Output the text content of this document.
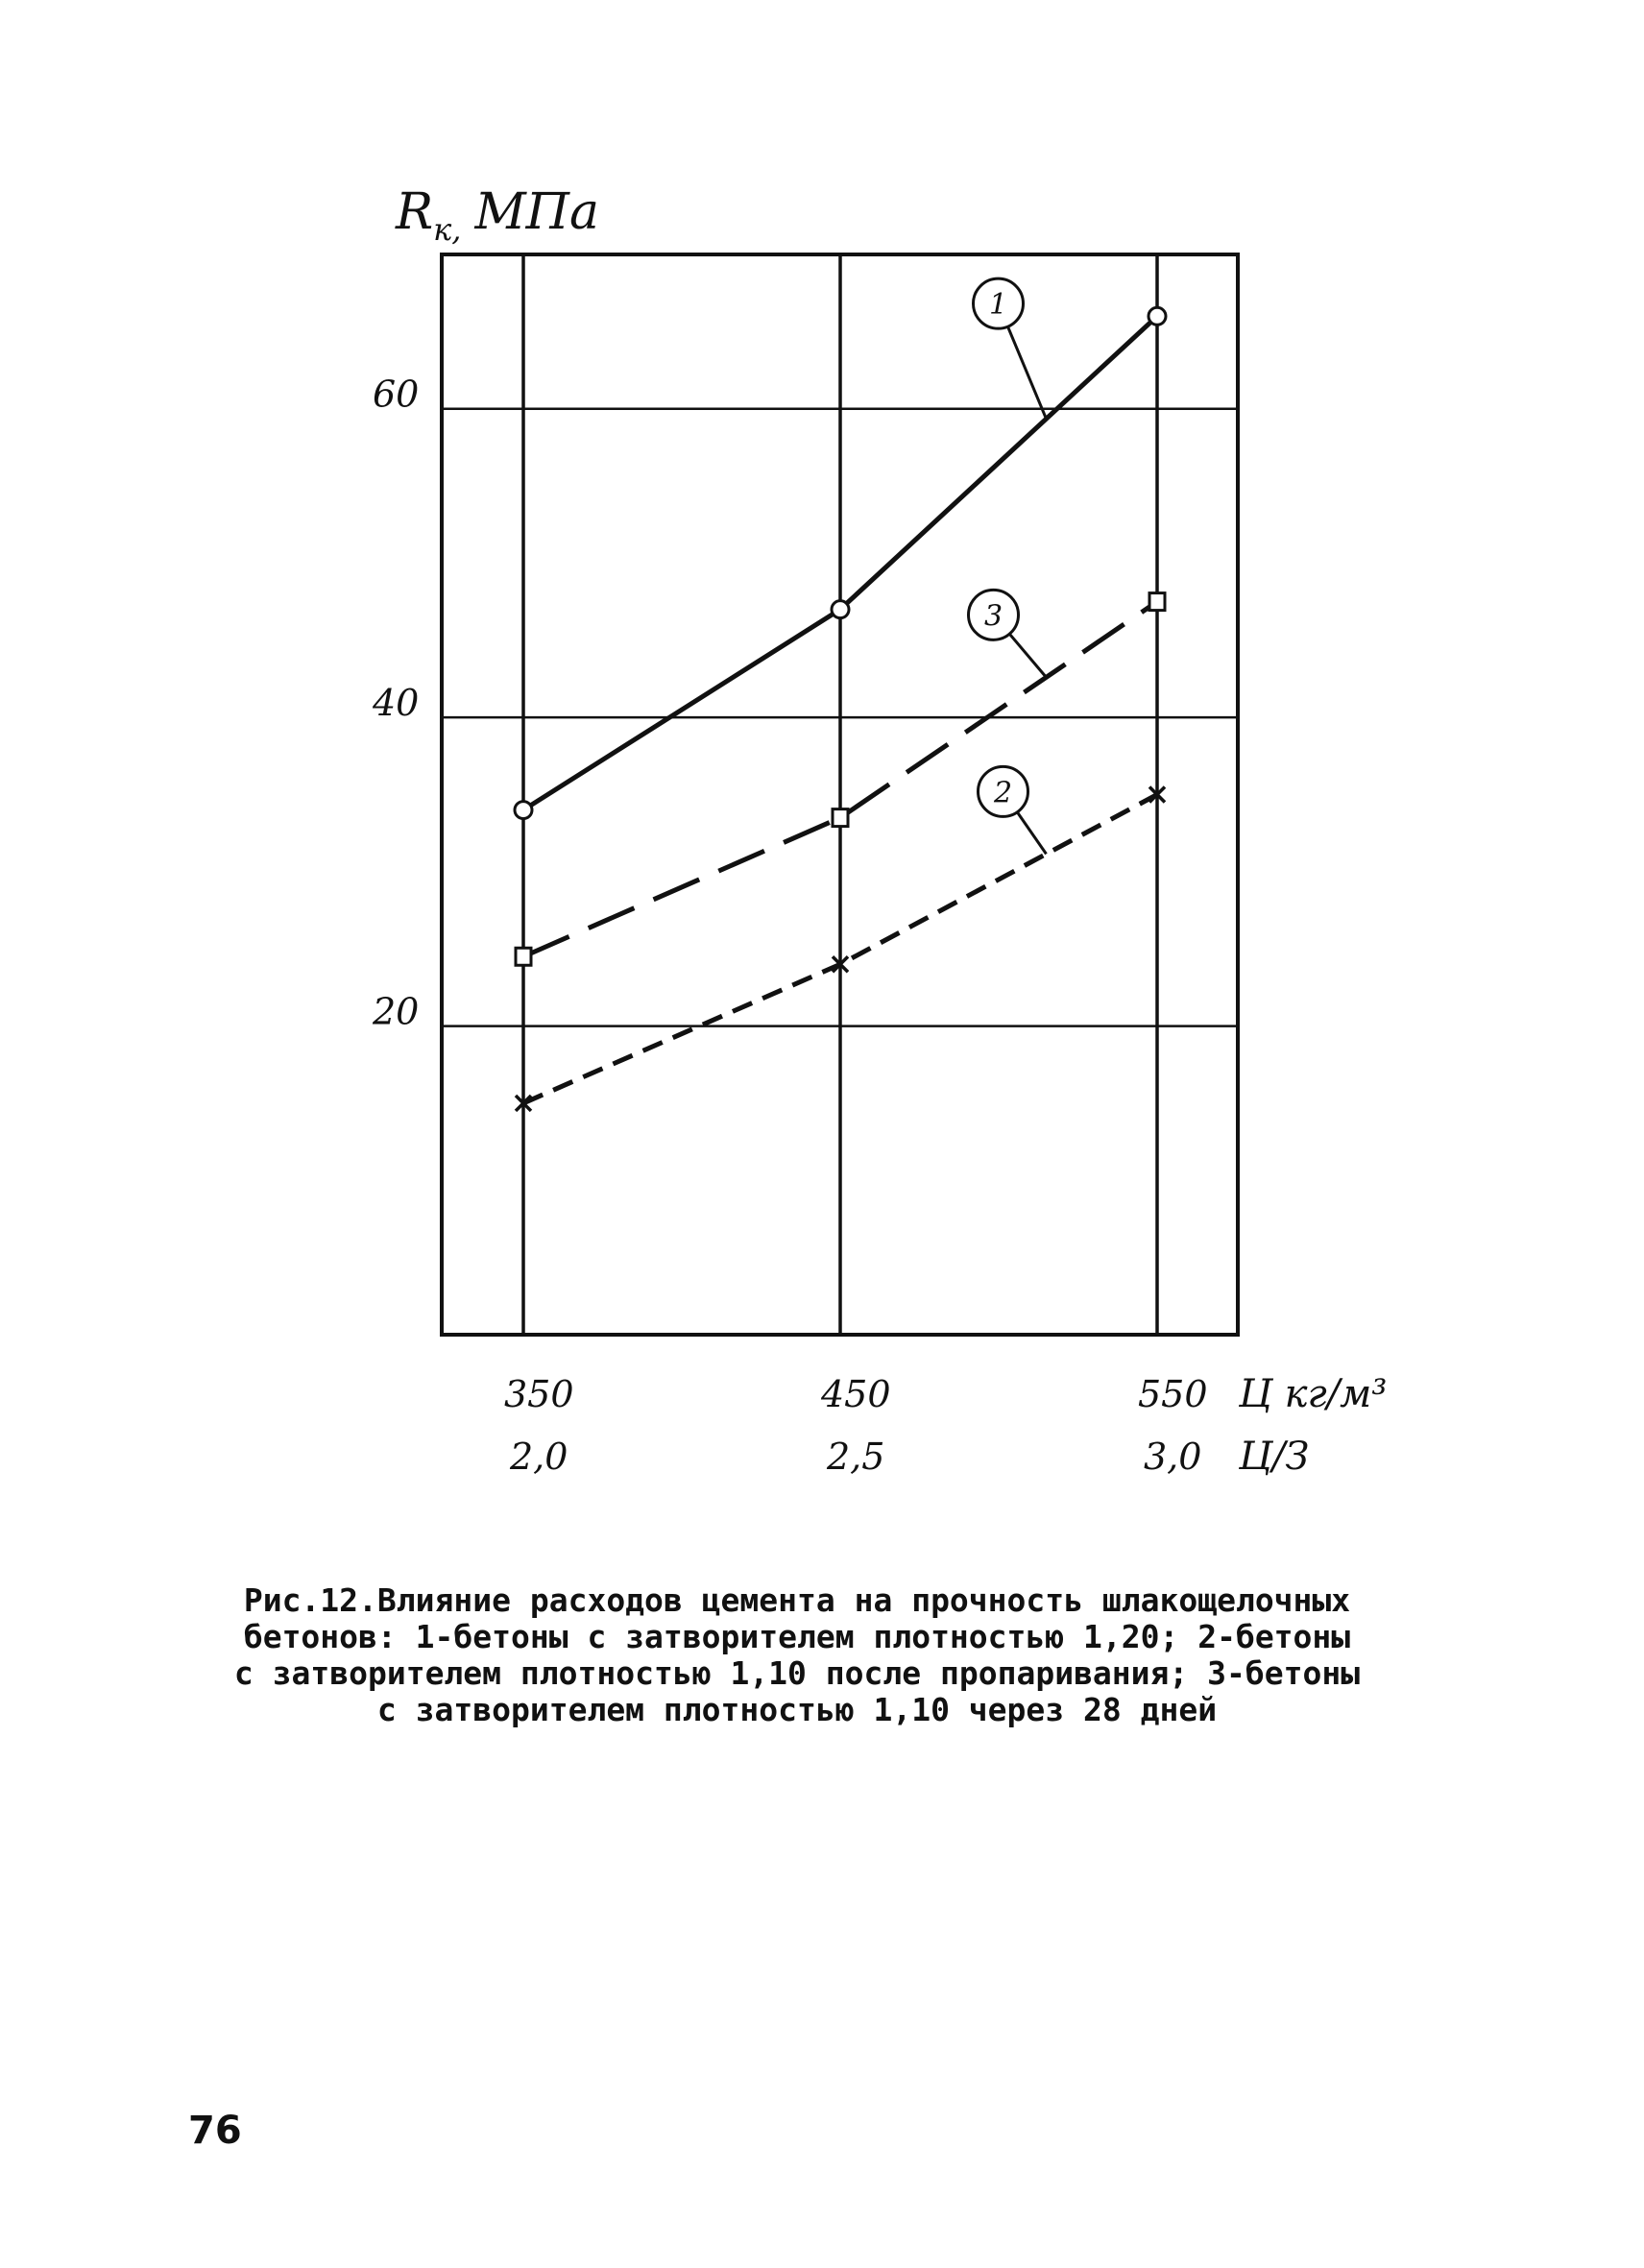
20
40
60
350
2,0
450
2,5
550
3,0
1
2
3
$R_{к,}$ МПа
Ц кг/м³
Ц/З
Рис.12.Влияние расходов цемента на прочность шлакощелочных
бетонов: 1-бетоны с затворителем плотностью 1,20; 2-бетоны
с затворителем плотностью 1,10 после пропаривания; 3-бетоны
с затворителем плотностью 1,10 через 28 дней
76
